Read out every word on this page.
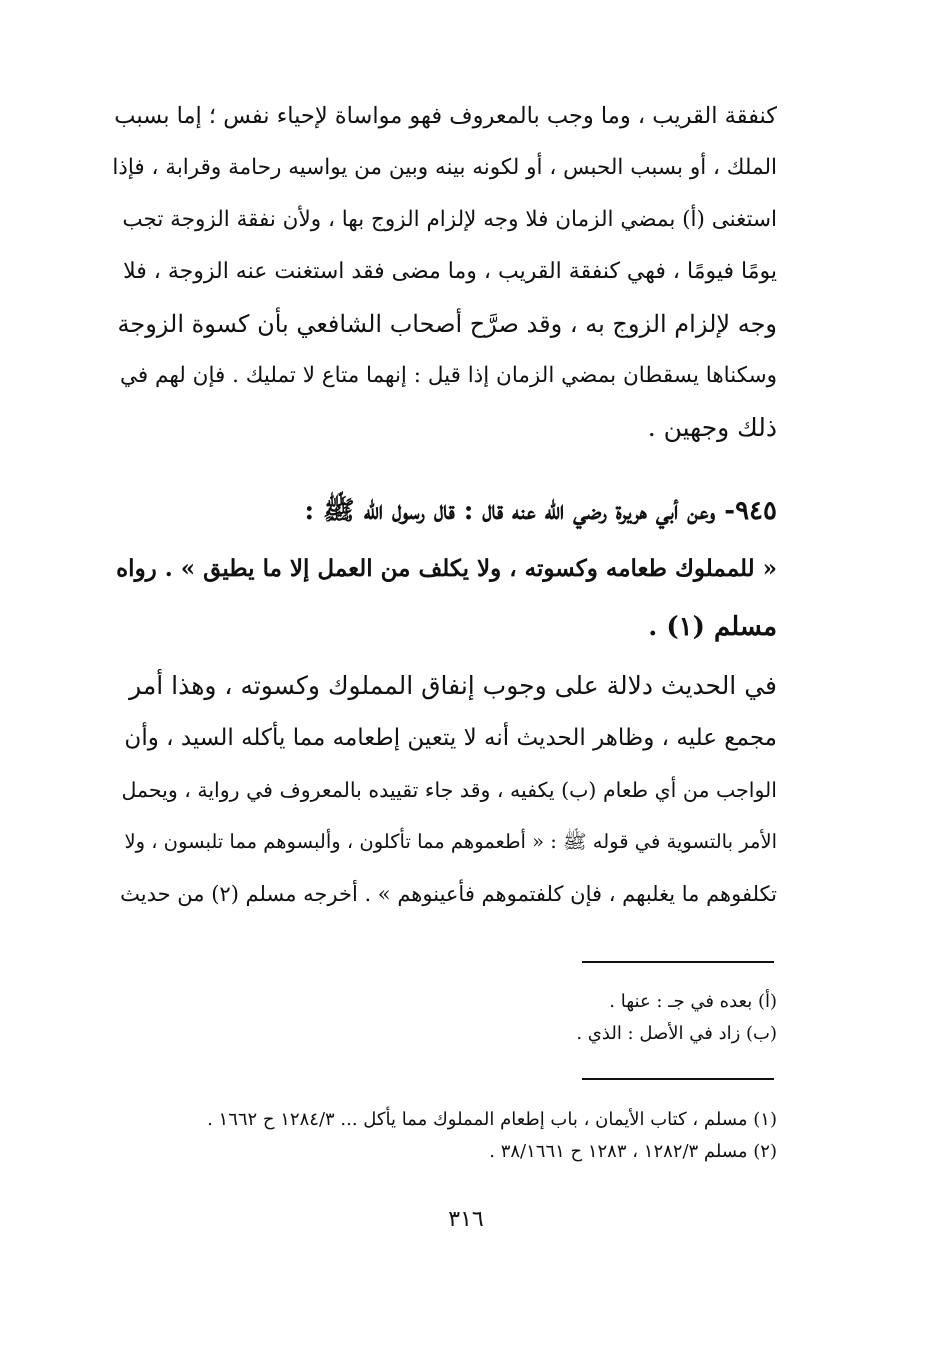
كنفقة القريب ، وما وجب بالمعروف فهو مواساة لإحياء نفس ؛ إما بسبب
الملك ، أو بسبب الحبس ، أو لكونه بينه وبين من يواسيه رحامة وقرابة ، فإذا
استغنى (أ) بمضي الزمان فلا وجه لإلزام الزوج بها ، ولأن نفقة الزوجة تجب
يومًا فيومًا ، فهي كنفقة القريب ، وما مضى فقد استغنت عنه الزوجة ، فلا
وجه لإلزام الزوج به ، وقد صرَّح أصحاب الشافعي بأن كسوة الزوجة
وسكناها يسقطان بمضي الزمان إذا قيل : إنهما متاع لا تمليك . فإن لهم في
ذلك وجهين .
٩٤٥- وعن أبي هريرة رضي الله عنه قال : قال رسول الله ﷺ :
« للمملوك طعامه وكسوته ، ولا يكلف من العمل إلا ما يطيق » . رواه
مسلم (١) .
في الحديث دلالة على وجوب إنفاق المملوك وكسوته ، وهذا أمر
مجمع عليه ، وظاهر الحديث أنه لا يتعين إطعامه مما يأكله السيد ، وأن
الواجب من أي طعام (ب) يكفيه ، وقد جاء تقييده بالمعروف في رواية ، ويحمل
الأمر بالتسوية في قوله ﷺ : « أطعموهم مما تأكلون ، وألبسوهم مما تلبسون ، ولا
تكلفوهم ما يغلبهم ، فإن كلفتموهم فأعينوهم » . أخرجه مسلم (٢) من حديث
(أ) بعده في جـ : عنها .
(ب) زاد في الأصل : الذي .
(١) مسلم ، كتاب الأيمان ، باب إطعام المملوك مما يأكل ... ١٢٨٤/٣ ح ١٦٦٢ .
(٢) مسلم ١٢٨٢/٣ ، ١٢٨٣ ح ٣٨/١٦٦١ .
٣١٦
